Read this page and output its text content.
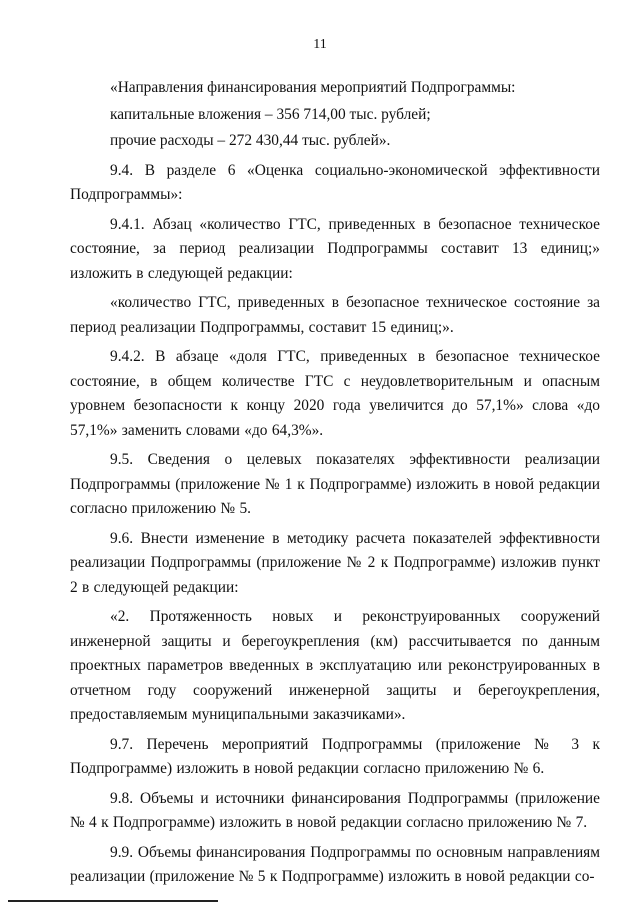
11
«Направления финансирования мероприятий Подпрограммы:
капитальные вложения – 356 714,00 тыс. рублей;
прочие расходы – 272 430,44 тыс. рублей».
9.4. В разделе 6 «Оценка социально-экономической эффективности Подпрограммы»:
9.4.1. Абзац «количество ГТС, приведенных в безопасное техническое состояние, за период реализации Подпрограммы составит 13 единиц;» изложить в следующей редакции:
«количество ГТС, приведенных в безопасное техническое состояние за период реализации Подпрограммы, составит 15 единиц;».
9.4.2. В абзаце «доля ГТС, приведенных в безопасное техническое состояние, в общем количестве ГТС с неудовлетворительным и опасным уровнем безопасности к концу 2020 года увеличится до 57,1%» слова «до 57,1%» заменить словами «до 64,3%».
9.5. Сведения о целевых показателях эффективности реализации Подпрограммы (приложение № 1 к Подпрограмме) изложить в новой редакции согласно приложению № 5.
9.6. Внести изменение в методику расчета показателей эффективности реализации Подпрограммы (приложение № 2 к Подпрограмме) изложив пункт 2 в следующей редакции:
«2. Протяженность новых и реконструированных сооружений инженерной защиты и берегоукрепления (км) рассчитывается по данным проектных параметров введенных в эксплуатацию или реконструированных в отчетном году сооружений инженерной защиты и берегоукрепления, предоставляемым муниципальными заказчиками».
9.7. Перечень мероприятий Подпрограммы (приложение № 3 к Подпрограмме) изложить в новой редакции согласно приложению № 6.
9.8. Объемы и источники финансирования Подпрограммы (приложение № 4 к Подпрограмме) изложить в новой редакции согласно приложению № 7.
9.9. Объемы финансирования Подпрограммы по основным направлениям реализации (приложение № 5 к Подпрограмме) изложить в новой редакции со-
